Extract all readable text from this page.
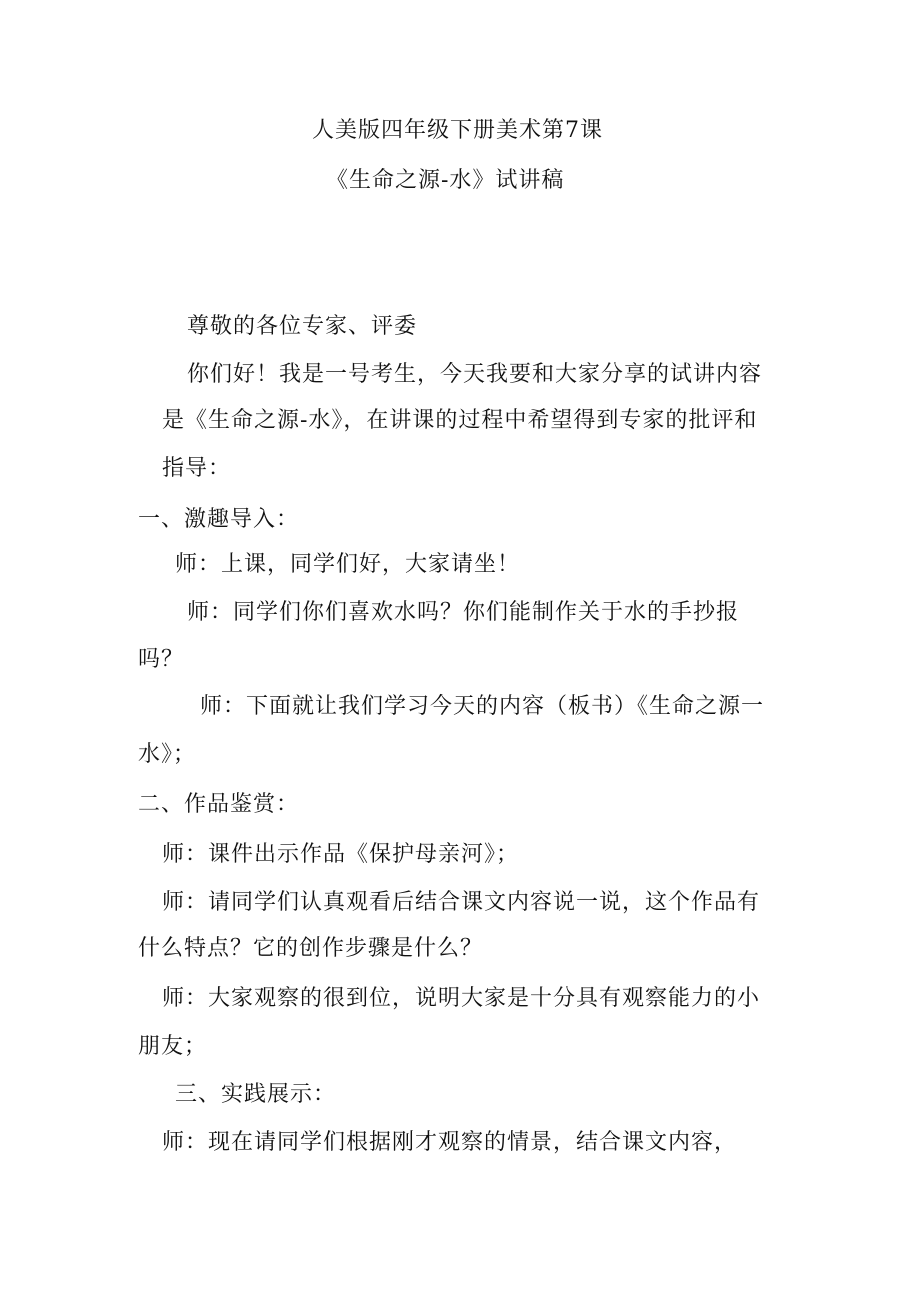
人美版四年级下册美术第7课
《生命之源-水》试讲稿
尊敬的各位专家、评委
你们好！我是一号考生，今天我要和大家分享的试讲内容
是《生命之源-水》，在讲课的过程中希望得到专家的批评和
指导：
一、激趣导入：
师：上课，同学们好，大家请坐！
师：同学们你们喜欢水吗？你们能制作关于水的手抄报
吗？
师：下面就让我们学习今天的内容（板书）《生命之源一
水》；
二、作品鉴赏：
师：课件出示作品《保护母亲河》；
师：请同学们认真观看后结合课文内容说一说，这个作品有
什么特点？它的创作步骤是什么？
师：大家观察的很到位，说明大家是十分具有观察能力的小
朋友；
三、实践展示：
师：现在请同学们根据刚才观察的情景，结合课文内容，
